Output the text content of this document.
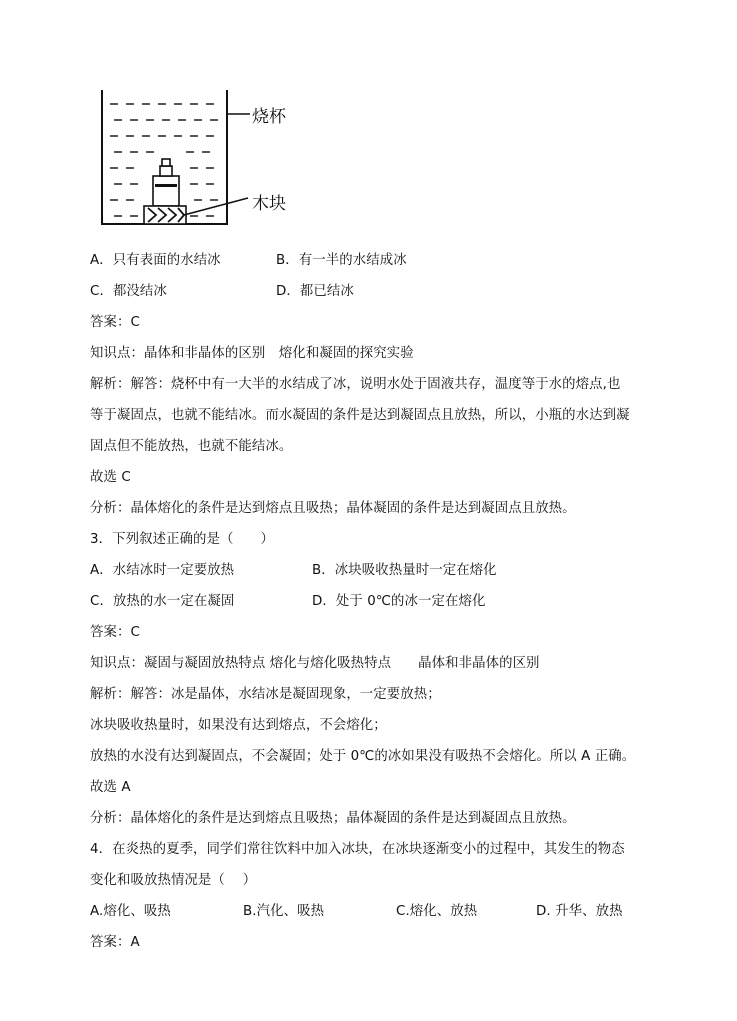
烧杯
木块
A．只有表面的水结冰	B．有一半的水结成冰
C．都没结冰	D．都已结冰
答案：C
知识点：晶体和非晶体的区别　熔化和凝固的探究实验
解析：解答：烧杯中有一大半的水结成了冰，说明水处于固液共存，温度等于水的熔点,也
等于凝固点，也就不能结冰。而水凝固的条件是达到凝固点且放热，所以，小瓶的水达到凝
固点但不能放热，也就不能结冰。
故选 C
分析：晶体熔化的条件是达到熔点且吸热；晶体凝固的条件是达到凝固点且放热。
3．下列叙述正确的是（　　）
A．水结冰时一定要放热	B．冰块吸收热量时一定在熔化
C．放热的水一定在凝固	D．处于 0℃的冰一定在熔化
答案：C
知识点：凝固与凝固放热特点 熔化与熔化吸热特点　　晶体和非晶体的区别
解析：解答：冰是晶体，水结冰是凝固现象，一定要放热；
冰块吸收热量时，如果没有达到熔点，不会熔化；
放热的水没有达到凝固点，不会凝固；处于 0℃的冰如果没有吸热不会熔化。所以 A 正确。
故选 A
分析：晶体熔化的条件是达到熔点且吸热；晶体凝固的条件是达到凝固点且放热。
4．在炎热的夏季，同学们常往饮料中加入冰块，在冰块逐渐变小的过程中，其发生的物态
变化和吸放热情况是（　 ）
A.熔化、吸热	B.汽化、吸热	C.熔化、放热	D. 升华、放热
答案：A
